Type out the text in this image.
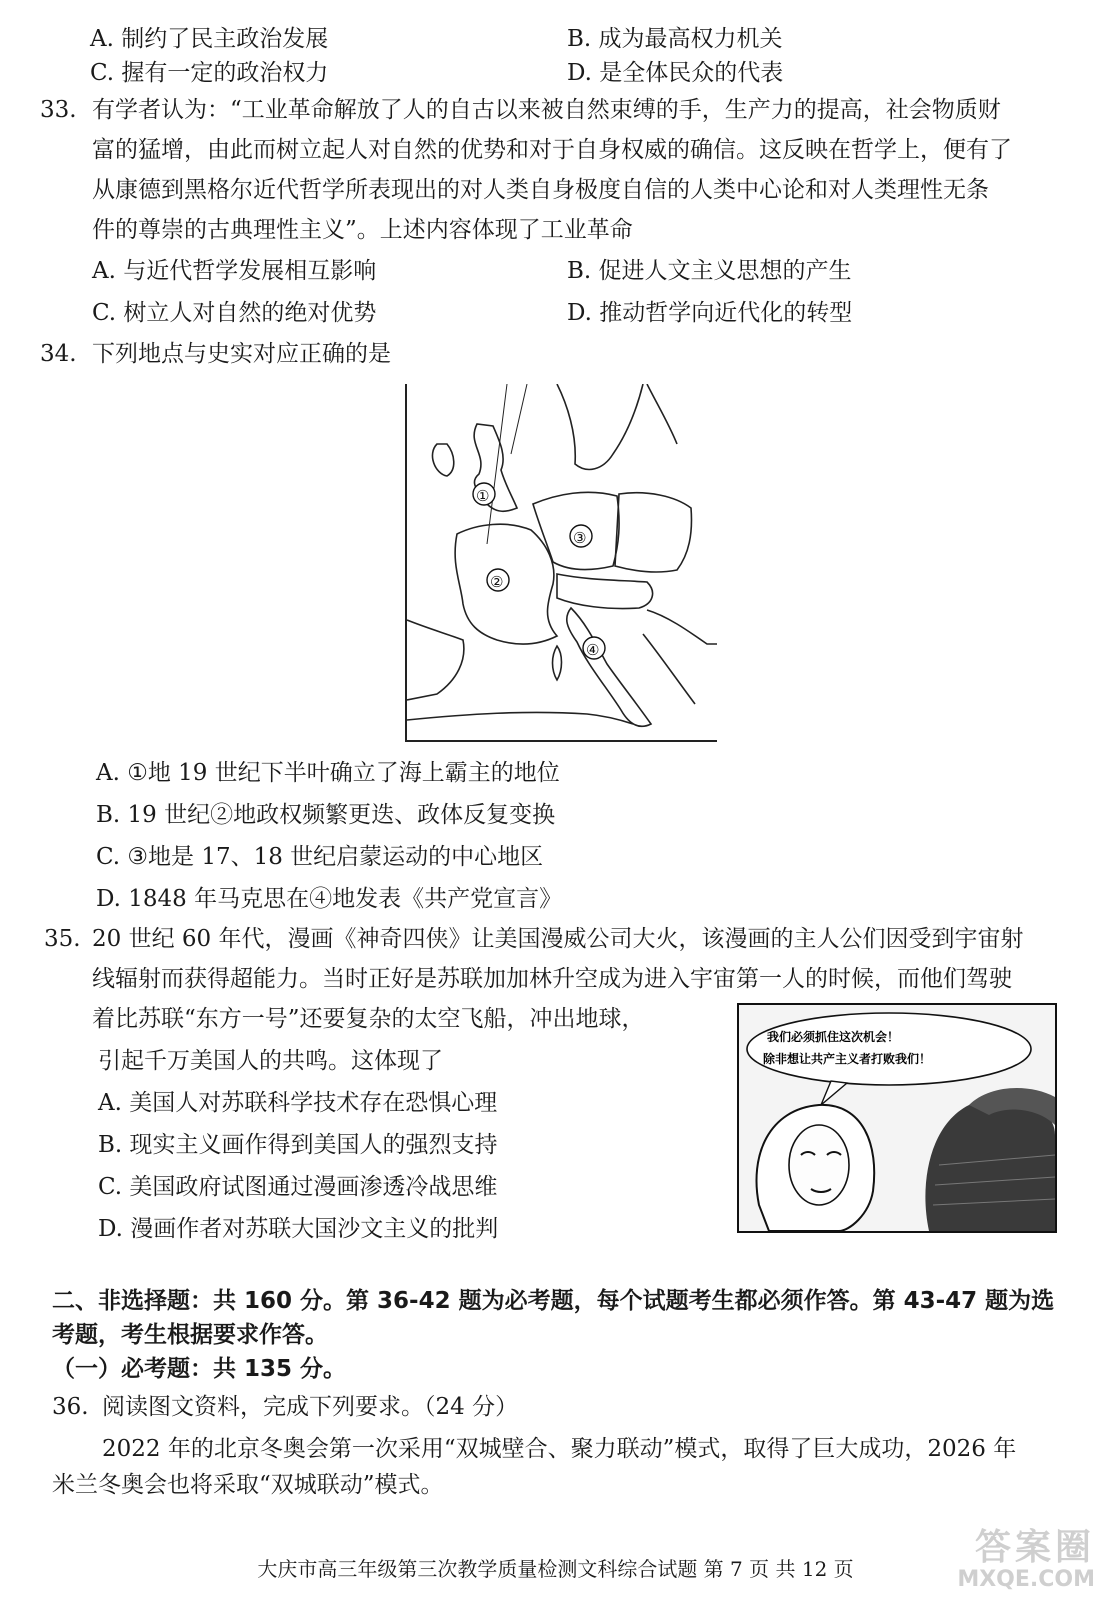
A. 制约了民主政治发展	B. 成为最高权力机关
C. 握有一定的政治权力	D. 是全体民众的代表
33. 有学者认为：“工业革命解放了人的自古以来被自然束缚的手，生产力的提高，社会物质财
富的猛增，由此而树立起人对自然的优势和对于自身权威的确信。这反映在哲学上，便有了
从康德到黑格尔近代哲学所表现出的对人类自身极度自信的人类中心论和对人类理性无条
件的尊崇的古典理性主义”。上述内容体现了工业革命
A. 与近代哲学发展相互影响	B. 促进人文主义思想的产生
C. 树立人对自然的绝对优势	D. 推动哲学向近代化的转型
34. 下列地点与史实对应正确的是
①
②
③
④
A. ①地 19 世纪下半叶确立了海上霸主的地位
B. 19 世纪②地政权频繁更迭、政体反复变换
C. ③地是 17、18 世纪启蒙运动的中心地区
D. 1848 年马克思在④地发表《共产党宣言》
35. 20 世纪 60 年代，漫画《神奇四侠》让美国漫威公司大火，该漫画的主人公们因受到宇宙射
线辐射而获得超能力。当时正好是苏联加加林升空成为进入宇宙第一人的时候，而他们驾驶
着比苏联“东方一号”还要复杂的太空飞船，冲出地球，
引起千万美国人的共鸣。这体现了
我们必须抓住这次机会！
除非想让共产主义者打败我们！
A. 美国人对苏联科学技术存在恐惧心理
B. 现实主义画作得到美国人的强烈支持
C. 美国政府试图通过漫画渗透冷战思维
D. 漫画作者对苏联大国沙文主义的批判
二、非选择题：共 160 分。第 36-42 题为必考题，每个试题考生都必须作答。第 43-47 题为选
考题，考生根据要求作答。
（一）必考题：共 135 分。
36. 阅读图文资料，完成下列要求。（24 分）
2022 年的北京冬奥会第一次采用“双城壁合、聚力联动”模式，取得了巨大成功，2026 年
米兰冬奥会也将采取“双城联动”模式。
大庆市高三年级第三次教学质量检测文科综合试题 第 7 页 共 12 页
答案圈
MXQE.COM
